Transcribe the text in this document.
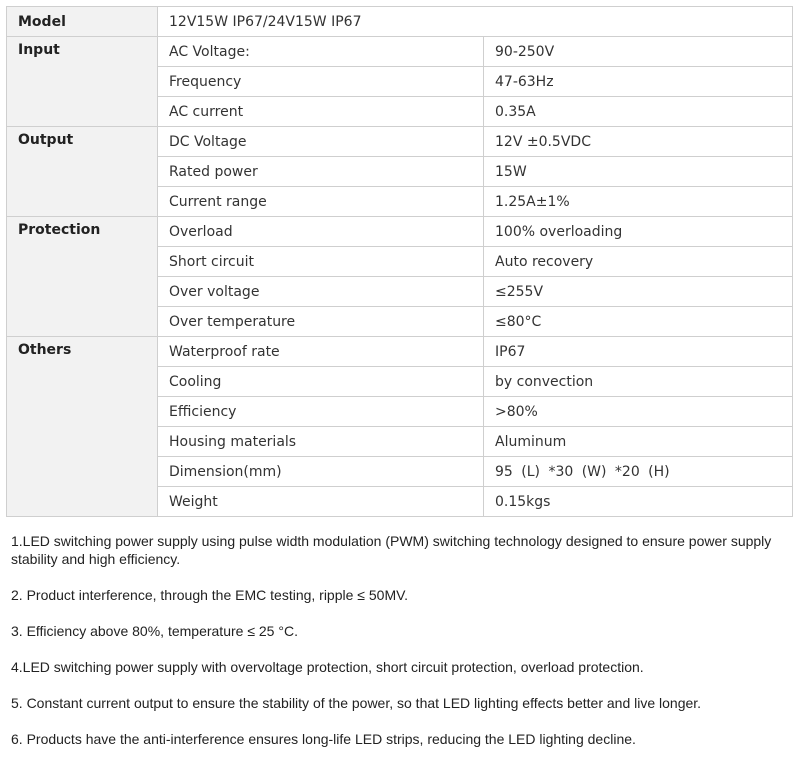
Model	12V15W IP67/24V15W IP67	
Input	AC Voltage:	90-250V
	Frequency	47-63Hz
	AC current	0.35A
Output	DC Voltage	12V ±0.5VDC
	Rated power	15W
	Current range	1.25A±1%
Protection	Overload	100% overloading
	Short circuit	Auto recovery
	Over voltage	≤255V
	Over temperature	≤80°C
Others	Waterproof rate	IP67
	Cooling	by convection
	Efficiency	>80%
	Housing materials	Aluminum
	Dimension(mm)	95 (L) *30 (W) *20 (H)
	Weight	0.15kgs

1.LED switching power supply using pulse width modulation (PWM) switching technology designed to ensure power supply stability and high efficiency.

2. Product interference, through the EMC testing, ripple ≤ 50MV.

3. Efficiency above 80%, temperature ≤ 25 °C.

4.LED switching power supply with overvoltage protection, short circuit protection, overload protection.

5. Constant current output to ensure the stability of the power, so that LED lighting effects better and live longer.

6. Products have the anti-interference ensures long-life LED strips, reducing the LED lighting decline.
